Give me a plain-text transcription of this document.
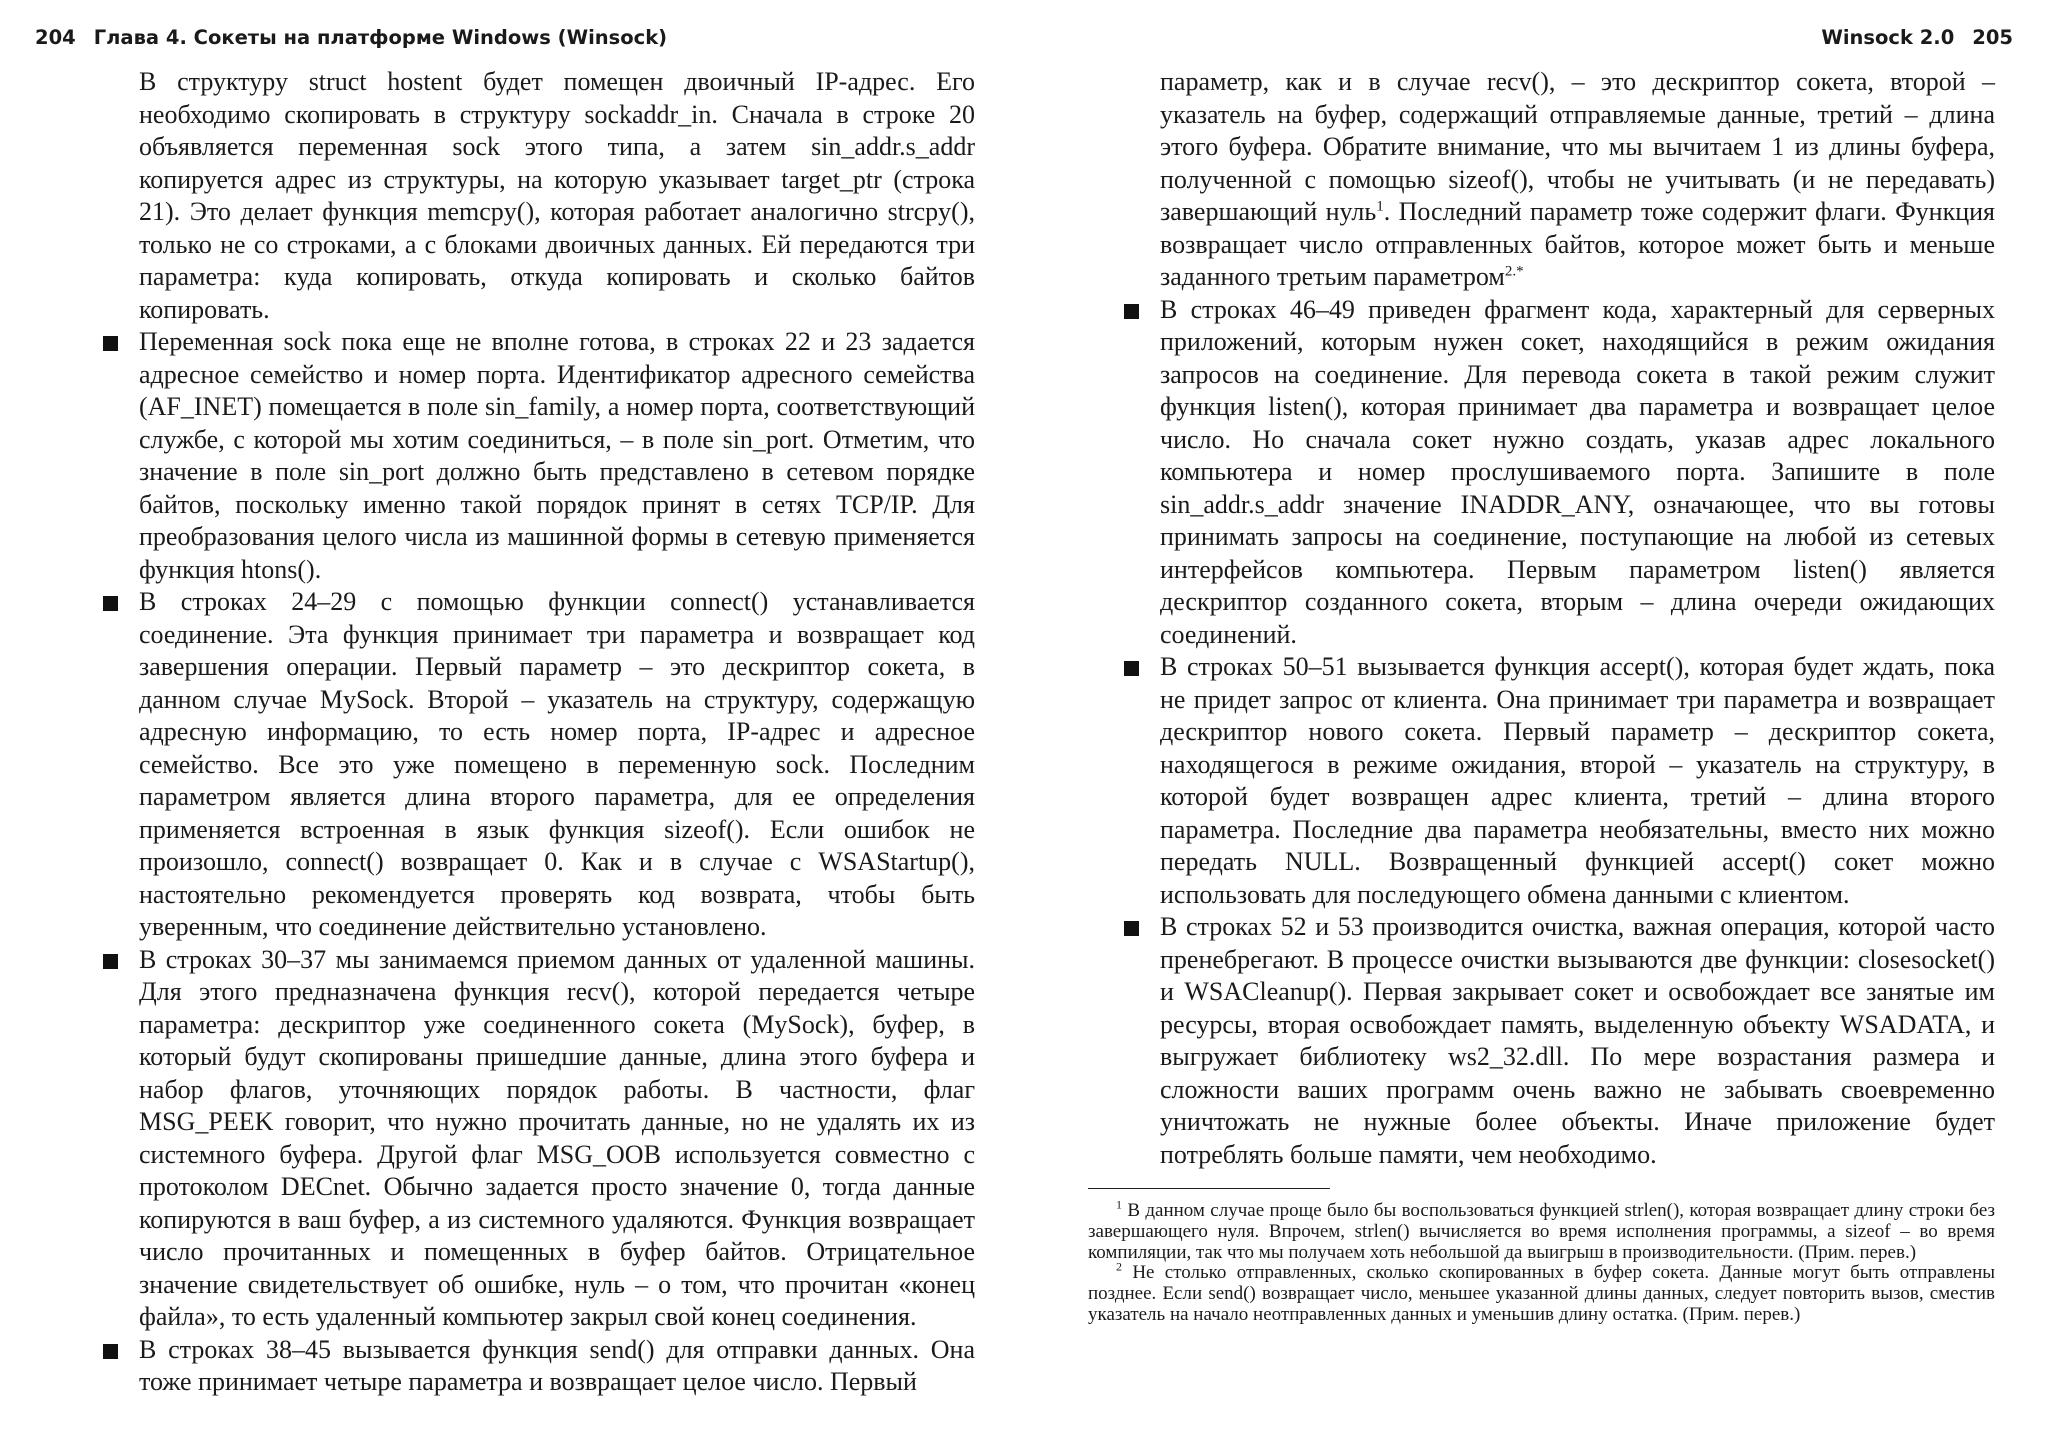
204 Глава 4. Сокеты на платформе Windows (Winsock)	Winsock 2.0 205

В структуру struct hostent будет помещен двоичный IP-адрес. Его необходимо скопировать в структуру sockaddr_in. Сначала в строке 20 объявляется переменная sock этого типа, а затем sin_addr.s_addr копируется адрес из структуры, на которую указывает target_ptr (строка 21). Это делает функция memcpy(), которая работает аналогично strcpy(), только не со строками, а с блоками двоичных данных. Ей передаются три параметра: куда копировать, откуда копировать и сколько байтов копировать.

Переменная sock пока еще не вполне готова, в строках 22 и 23 задается адресное семейство и номер порта. Идентификатор адресного семейства (AF_INET) помещается в поле sin_family, а номер порта, соответствующий службе, с которой мы хотим соединиться, – в поле sin_port. Отметим, что значение в поле sin_port должно быть представлено в сетевом порядке байтов, поскольку именно такой порядок принят в сетях TCP/IP. Для преобразования целого числа из машинной формы в сетевую применяется функция htons().
В строках 24–29 с помощью функции connect() устанавливается соединение. Эта функция принимает три параметра и возвращает код завершения операции. Первый параметр – это дескриптор сокета, в данном случае MySock. Второй – указатель на структуру, содержащую адресную информацию, то есть номер порта, IP-адрес и адресное семейство. Все это уже помещено в переменную sock. Последним параметром является длина второго параметра, для ее определения применяется встроенная в язык функция sizeof(). Если ошибок не произошло, connect() возвращает 0. Как и в случае с WSAStartup(), настоятельно рекомендуется проверять код возврата, чтобы быть уверенным, что соединение действительно установлено.
В строках 30–37 мы занимаемся приемом данных от удаленной машины. Для этого предназначена функция recv(), которой передается четыре параметра: дескриптор уже соединенного сокета (MySock), буфер, в который будут скопированы пришедшие данные, длина этого буфера и набор флагов, уточняющих порядок работы. В частности, флаг MSG_PEEK говорит, что нужно прочитать данные, но не удалять их из системного буфера. Другой флаг MSG_OOB используется совместно с протоколом DECnet. Обычно задается просто значение 0, тогда данные копируются в ваш буфер, а из системного удаляются. Функция возвращает число прочитанных и помещенных в буфер байтов. Отрицательное значение свидетельствует об ошибке, нуль – о том, что прочитан «конец файла», то есть удаленный компьютер закрыл свой конец соединения.
В строках 38–45 вызывается функция send() для отправки данных. Она тоже принимает четыре параметра и возвращает целое число. Первый

параметр, как и в случае recv(), – это дескриптор сокета, второй – указатель на буфер, содержащий отправляемые данные, третий – длина этого буфера. Обратите внимание, что мы вычитаем 1 из длины буфера, полученной с помощью sizeof(), чтобы не учитывать (и не передавать) завершающий нуль$^1$. Последний параметр тоже содержит флаги. Функция возвращает число отправленных байтов, которое может быть и меньше заданного третьим параметром$^{2.*}$

В строках 46–49 приведен фрагмент кода, характерный для серверных приложений, которым нужен сокет, находящийся в режим ожидания запросов на соединение. Для перевода сокета в такой режим служит функция listen(), которая принимает два параметра и возвращает целое число. Но сначала сокет нужно создать, указав адрес локального компьютера и номер прослушиваемого порта. Запишите в поле sin_addr.s_addr значение INADDR_ANY, означающее, что вы готовы принимать запросы на соединение, поступающие на любой из сетевых интерфейсов компьютера. Первым параметром listen() является дескриптор созданного сокета, вторым – длина очереди ожидающих соединений.
В строках 50–51 вызывается функция accept(), которая будет ждать, пока не придет запрос от клиента. Она принимает три параметра и возвращает дескриптор нового сокета. Первый параметр – дескриптор сокета, находящегося в режиме ожидания, второй – указатель на структуру, в которой будет возвращен адрес клиента, третий – длина второго параметра. Последние два параметра необязательны, вместо них можно передать NULL. Возвращенный функцией accept() сокет можно использовать для последующего обмена данными с клиентом.
В строках 52 и 53 производится очистка, важная операция, которой часто пренебрегают. В процессе очистки вызываются две функции: closesocket() и WSACleanup(). Первая закрывает сокет и освобождает все занятые им ресурсы, вторая освобождает память, выделенную объекту WSADATA, и выгружает библиотеку ws2_32.dll. По мере возрастания размера и сложности ваших программ очень важно не забывать своевременно уничтожать не нужные более объекты. Иначе приложение будет потреблять больше памяти, чем необходимо.

$^1$ В данном случае проще было бы воспользоваться функцией strlen(), которая возвращает длину строки без завершающего нуля. Впрочем, strlen() вычисляется во время исполнения программы, а sizeof – во время компиляции, так что мы получаем хоть небольшой да выигрыш в производительности. (Прим. перев.)

$^2$ Не столько отправленных, сколько скопированных в буфер сокета. Данные могут быть отправлены позднее. Если send() возвращает число, меньшее указанной длины данных, следует повторить вызов, сместив указатель на начало неотправленных данных и уменьшив длину остатка. (Прим. перев.)
